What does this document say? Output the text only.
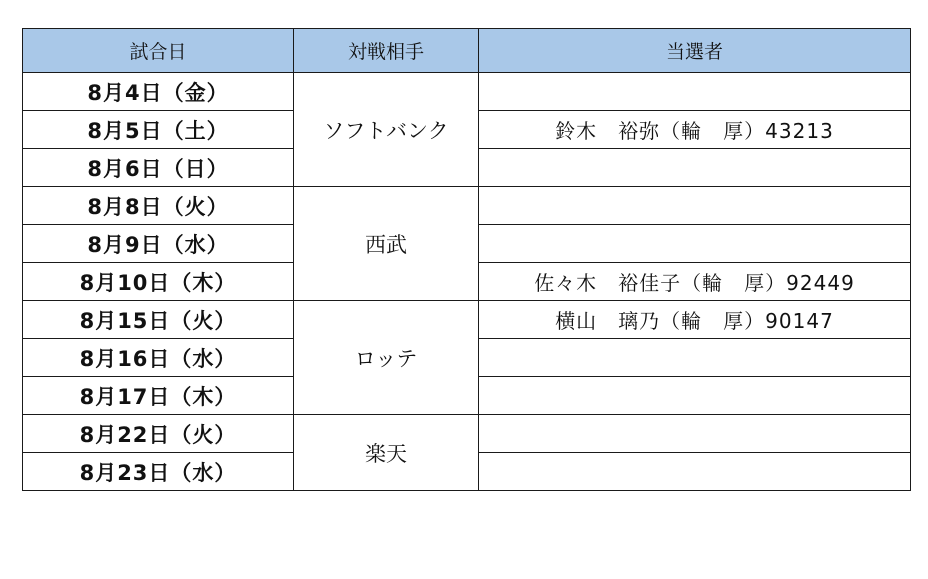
試合日	対戦相手	当選者
8月4日（金）	ソフトバンク	
8月5日（土）		鈴木　裕弥（輪　厚）43213
8月6日（日）		
8月8日（火）	西武	
8月9日（水）		
8月10日（木）		佐々木　裕佳子（輪　厚）92449
8月15日（火）	ロッテ	横山　璃乃（輪　厚）90147
8月16日（水）		
8月17日（木）		
8月22日（火）	楽天	
8月23日（水）		
